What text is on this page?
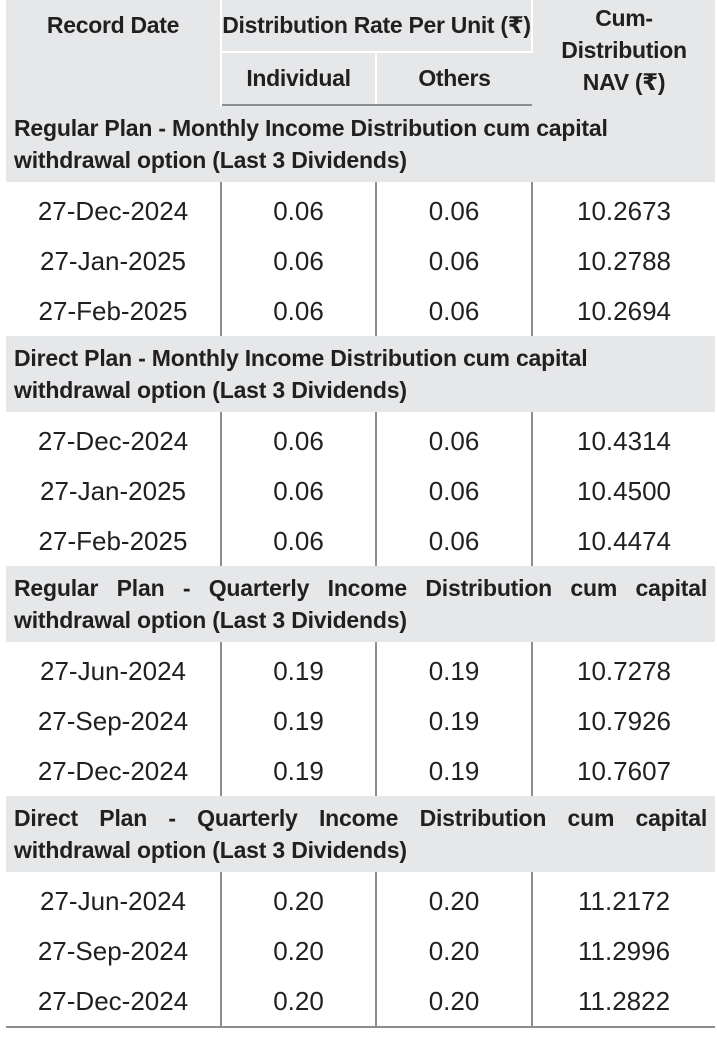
Record Date	Distribution Rate Per Unit (₹)		Cum-Distribution
NAV (₹)

	Individual	Others	
Regular Plan - Monthly Income Distribution cum capital withdrawal option (Last 3 Dividends)			
27-Dec-2024	0.06	0.06	10.2673
27-Jan-2025	0.06	0.06	10.2788
27-Feb-2025	0.06	0.06	10.2694
Direct Plan - Monthly Income Distribution cum capital withdrawal option (Last 3 Dividends)			
27-Dec-2024	0.06	0.06	10.4314
27-Jan-2025	0.06	0.06	10.4500
27-Feb-2025	0.06	0.06	10.4474
Regular Plan - Quarterly Income Distribution cum capital withdrawal option (Last 3 Dividends)			
27-Jun-2024	0.19	0.19	10.7278
27-Sep-2024	0.19	0.19	10.7926
27-Dec-2024	0.19	0.19	10.7607
Direct Plan - Quarterly Income Distribution cum capital withdrawal option (Last 3 Dividends)			
27-Jun-2024	0.20	0.20	11.2172
27-Sep-2024	0.20	0.20	11.2996
27-Dec-2024	0.20	0.20	11.2822
